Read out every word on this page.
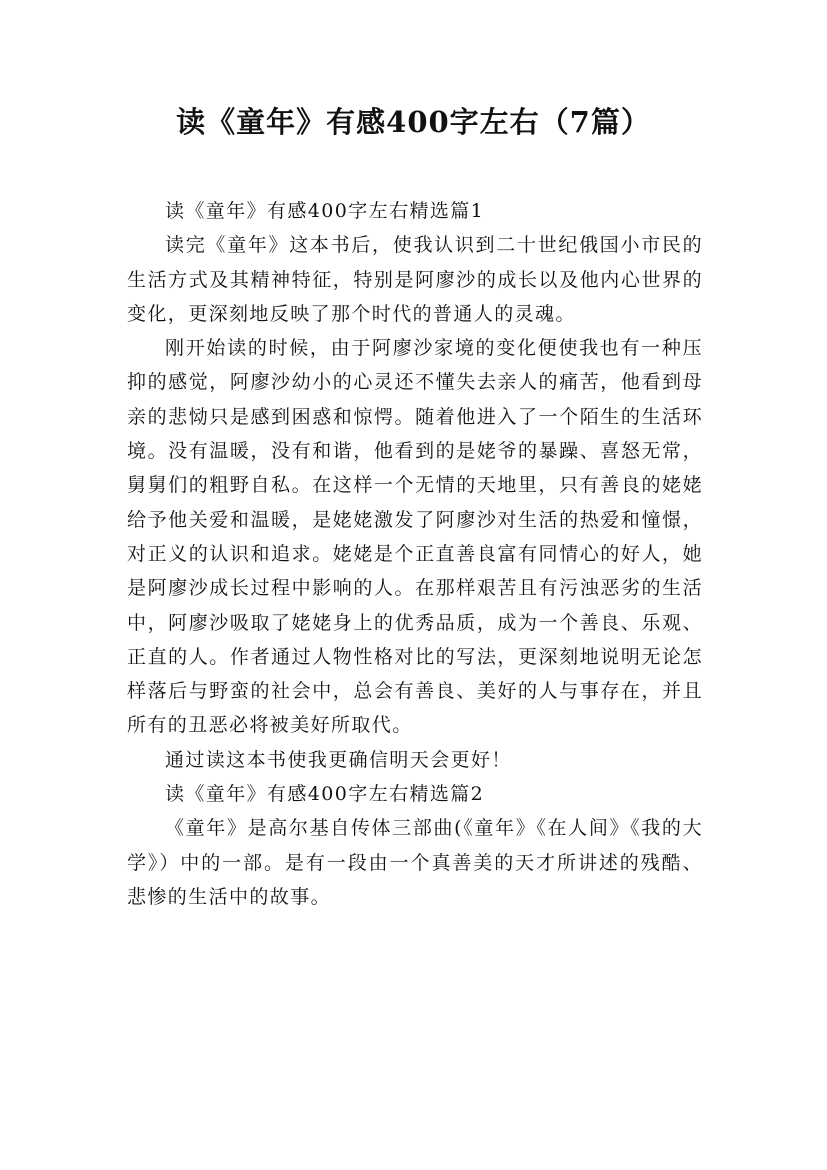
读《童年》有感400字左右（7篇）

读《童年》有感400字左右精选篇1

读完《童年》这本书后，使我认识到二十世纪俄国小市民的生活方式及其精神特征，特别是阿廖沙的成长以及他内心世界的变化，更深刻地反映了那个时代的普通人的灵魂。

刚开始读的时候，由于阿廖沙家境的变化便使我也有一种压抑的感觉，阿廖沙幼小的心灵还不懂失去亲人的痛苦，他看到母亲的悲恸只是感到困惑和惊愕。随着他进入了一个陌生的生活环境。没有温暖，没有和谐，他看到的是姥爷的暴躁、喜怒无常，舅舅们的粗野自私。在这样一个无情的天地里，只有善良的姥姥给予他关爱和温暖，是姥姥激发了阿廖沙对生活的热爱和憧憬，对正义的认识和追求。姥姥是个正直善良富有同情心的好人，她是阿廖沙成长过程中影响的人。在那样艰苦且有污浊恶劣的生活中，阿廖沙吸取了姥姥身上的优秀品质，成为一个善良、乐观、正直的人。作者通过人物性格对比的写法，更深刻地说明无论怎样落后与野蛮的社会中，总会有善良、美好的人与事存在，并且所有的丑恶必将被美好所取代。

通过读这本书使我更确信明天会更好！

读《童年》有感400字左右精选篇2

《童年》是高尔基自传体三部曲(《童年》《在人间》《我的大学》）中的一部。是有一段由一个真善美的天才所讲述的残酷、悲惨的生活中的故事。
